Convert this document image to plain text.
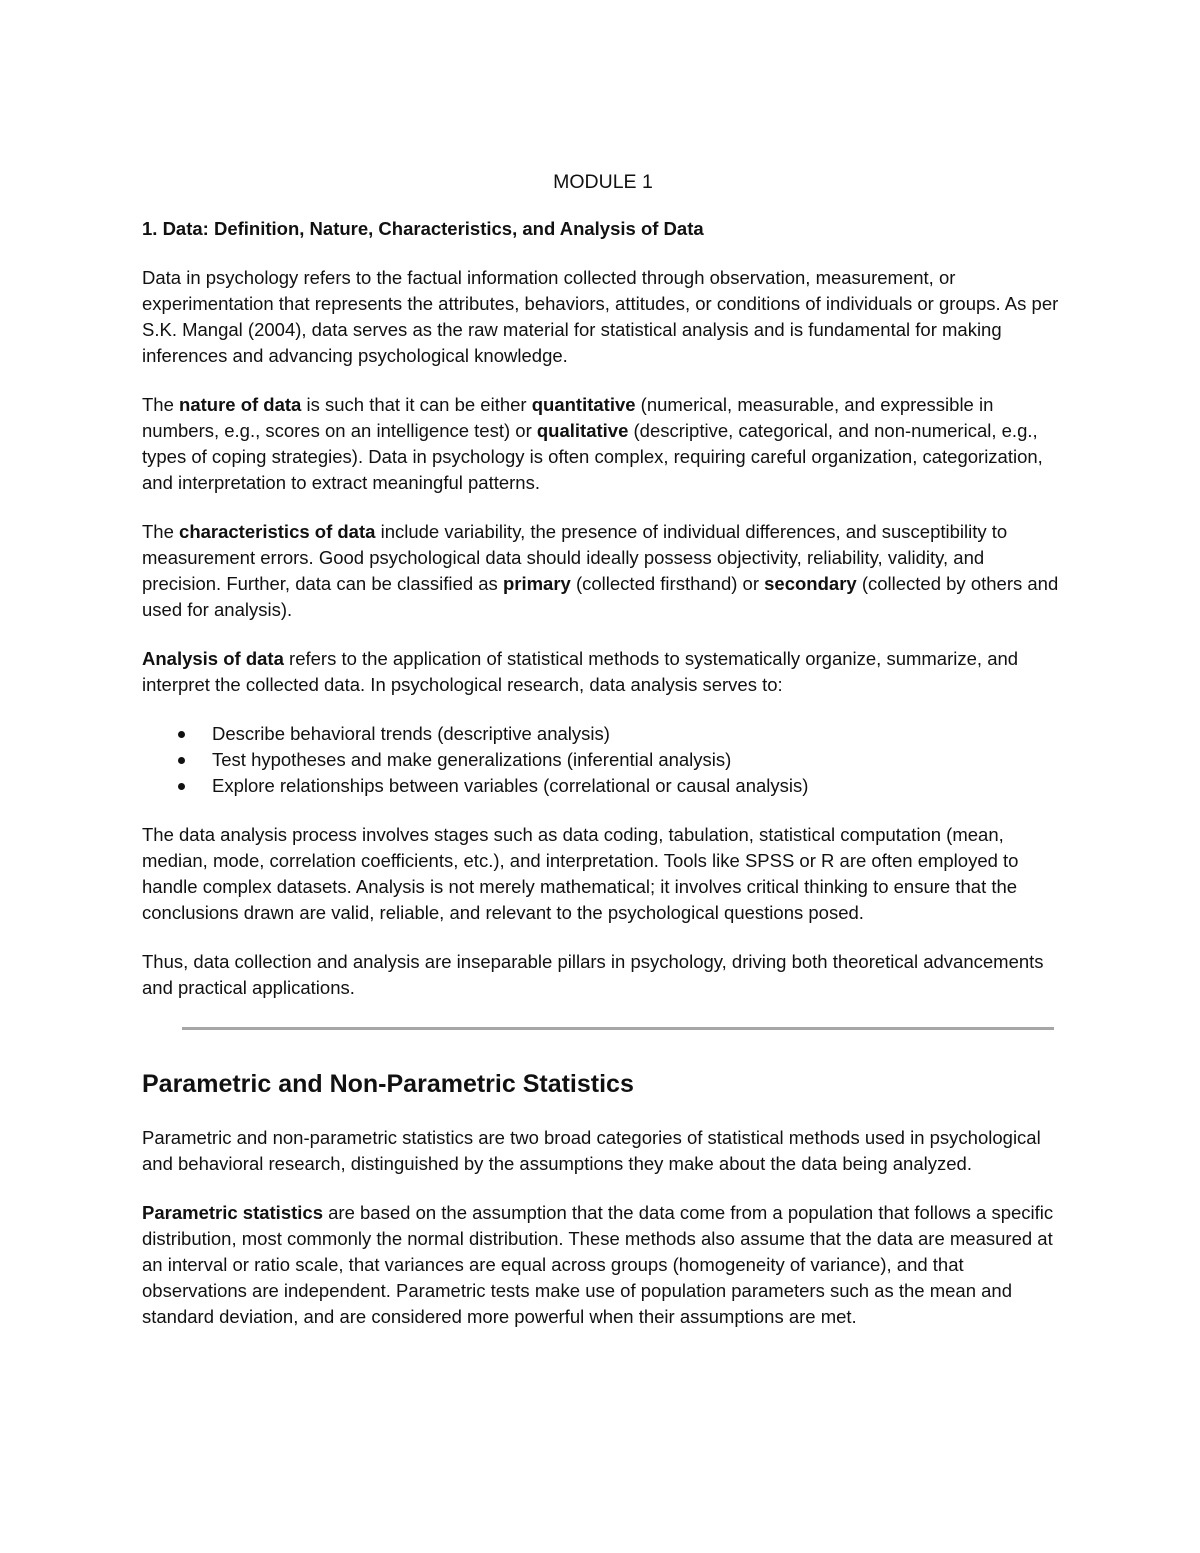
MODULE 1
1. Data: Definition, Nature, Characteristics, and Analysis of Data

Data in psychology refers to the factual information collected through observation, measurement, or experimentation that represents the attributes, behaviors, attitudes, or conditions of individuals or groups. As per S.K. Mangal (2004), data serves as the raw material for statistical analysis and is fundamental for making inferences and advancing psychological knowledge.

The nature of data is such that it can be either quantitative (numerical, measurable, and expressible in numbers, e.g., scores on an intelligence test) or qualitative (descriptive, categorical, and non-numerical, e.g., types of coping strategies). Data in psychology is often complex, requiring careful organization, categorization, and interpretation to extract meaningful patterns.

The characteristics of data include variability, the presence of individual differences, and susceptibility to measurement errors. Good psychological data should ideally possess objectivity, reliability, validity, and precision. Further, data can be classified as primary (collected firsthand) or secondary (collected by others and used for analysis).

Analysis of data refers to the application of statistical methods to systematically organize, summarize, and interpret the collected data. In psychological research, data analysis serves to:

Describe behavioral trends (descriptive analysis)
Test hypotheses and make generalizations (inferential analysis)
Explore relationships between variables (correlational or causal analysis)

The data analysis process involves stages such as data coding, tabulation, statistical computation (mean, median, mode, correlation coefficients, etc.), and interpretation. Tools like SPSS or R are often employed to handle complex datasets. Analysis is not merely mathematical; it involves critical thinking to ensure that the conclusions drawn are valid, reliable, and relevant to the psychological questions posed.

Thus, data collection and analysis are inseparable pillars in psychology, driving both theoretical advancements and practical applications.

Parametric and Non-Parametric Statistics

Parametric and non-parametric statistics are two broad categories of statistical methods used in psychological and behavioral research, distinguished by the assumptions they make about the data being analyzed.

Parametric statistics are based on the assumption that the data come from a population that follows a specific distribution, most commonly the normal distribution. These methods also assume that the data are measured at an interval or ratio scale, that variances are equal across groups (homogeneity of variance), and that observations are independent. Parametric tests make use of population parameters such as the mean and standard deviation, and are considered more powerful when their assumptions are met.
